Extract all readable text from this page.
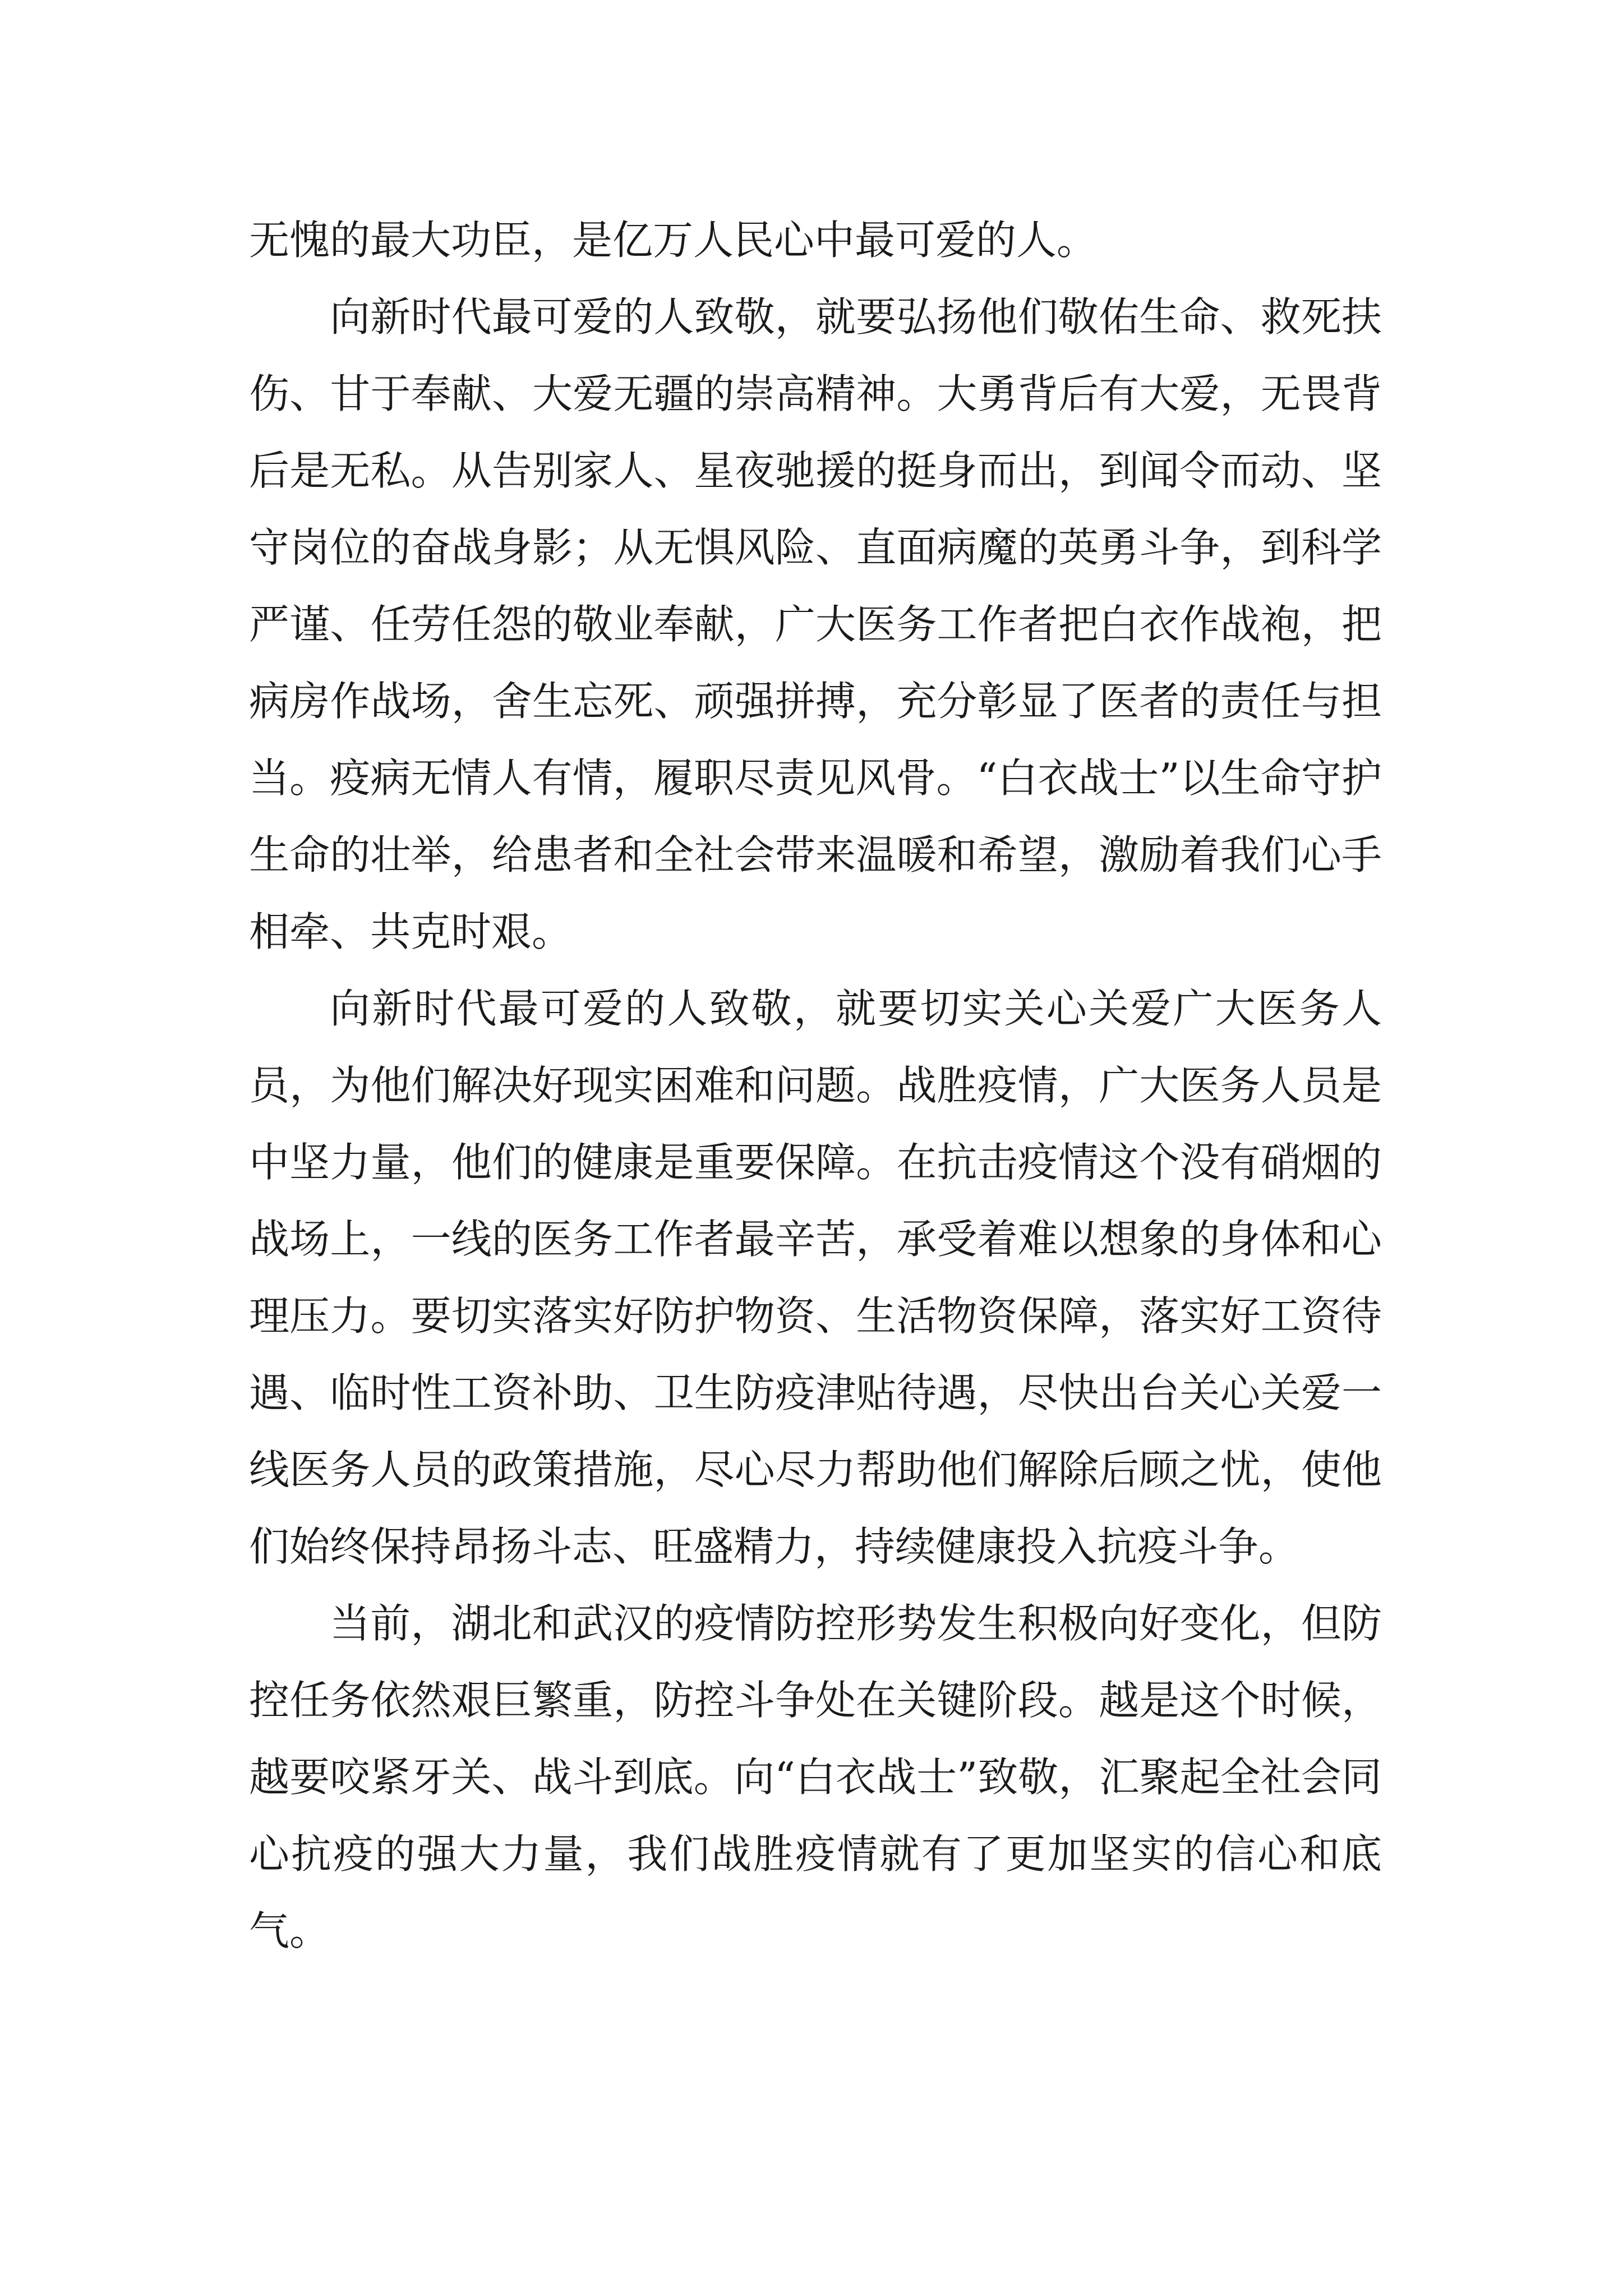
无愧的最大功臣，是亿万人民心中最可爱的人。

向新时代最可爱的人致敬，就要弘扬他们敬佑生命、救死扶伤、甘于奉献、大爱无疆的崇高精神。大勇背后有大爱，无畏背后是无私。从告别家人、星夜驰援的挺身而出，到闻令而动、坚守岗位的奋战身影；从无惧风险、直面病魔的英勇斗争，到科学严谨、任劳任怨的敬业奉献，广大医务工作者把白衣作战袍，把病房作战场，舍生忘死、顽强拼搏，充分彰显了医者的责任与担当。疫病无情人有情，履职尽责见风骨。“白衣战士”以生命守护生命的壮举，给患者和全社会带来温暖和希望，激励着我们心手相牵、共克时艰。

向新时代最可爱的人致敬，就要切实关心关爱广大医务人员，为他们解决好现实困难和问题。战胜疫情，广大医务人员是中坚力量，他们的健康是重要保障。在抗击疫情这个没有硝烟的战场上，一线的医务工作者最辛苦，承受着难以想象的身体和心理压力。要切实落实好防护物资、生活物资保障，落实好工资待遇、临时性工资补助、卫生防疫津贴待遇，尽快出台关心关爱一线医务人员的政策措施，尽心尽力帮助他们解除后顾之忧，使他们始终保持昂扬斗志、旺盛精力，持续健康投入抗疫斗争。

当前，湖北和武汉的疫情防控形势发生积极向好变化，但防控任务依然艰巨繁重，防控斗争处在关键阶段。越是这个时候，越要咬紧牙关、战斗到底。向“白衣战士”致敬，汇聚起全社会同心抗疫的强大力量，我们战胜疫情就有了更加坚实的信心和底气。
